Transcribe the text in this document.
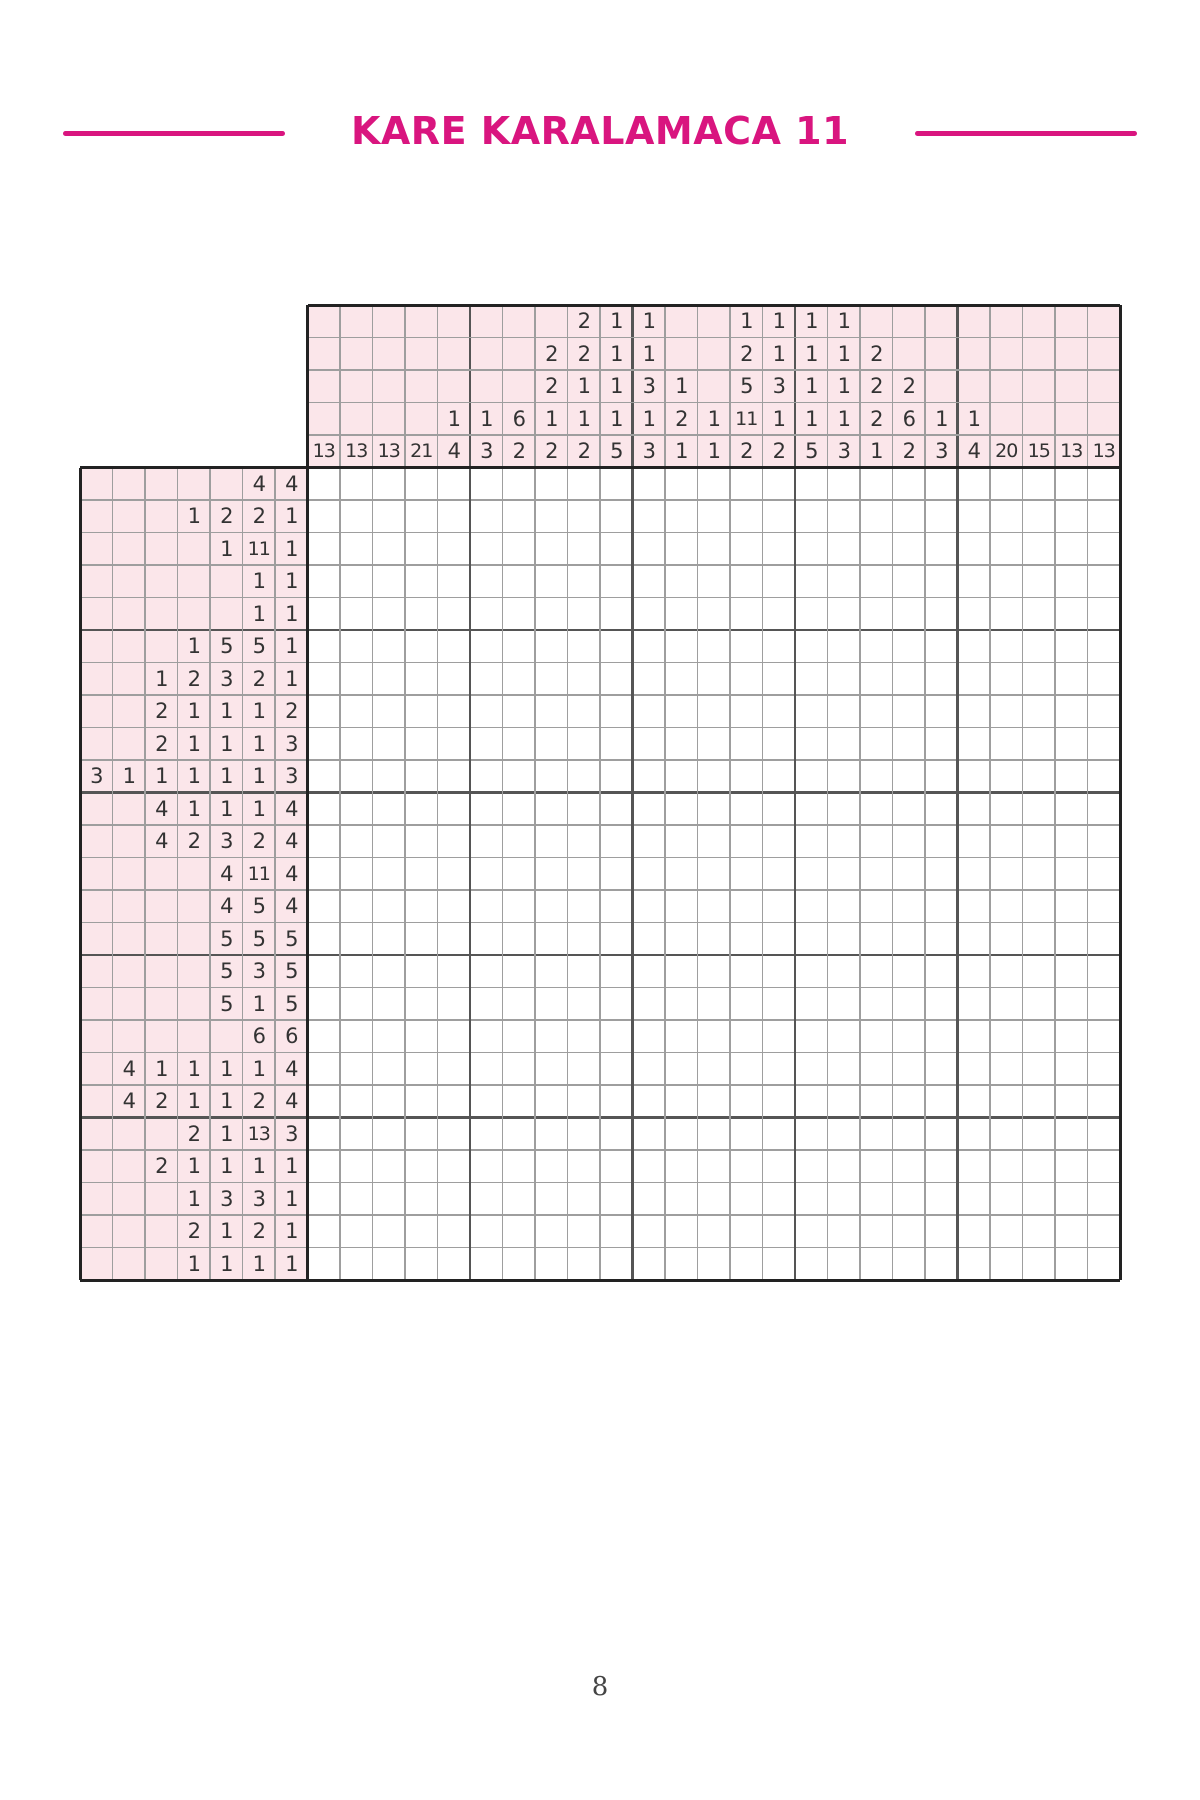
KARE KARALAMACA 11
13 13 13 21
1
4
1
3
6
2
2
2
1
2
2
2
1
1
2
1
1
1
1
5
1
1
3
1
3
1
2
1
1
1
1
2
5
11
2
1
1
3
1
2
1
1
1
1
5
1
1
1
1
3
2
2
2
1
2
6
2
1
3
1
4 20 15 13 13
4 4
1 2 2 1
1 11 1
1 1
1 1
1 5 5 1
1 2 3 2 1
2 1 1 1 2
2 1 1 1 3
3 1 1 1 1 1 3
4 1 1 1 4
4 2 3 2 4
4 11 4
4 5 4
5 5 5
5 3 5
5 1 5
6 6
4 1 1 1 1 4
4 2 1 1 2 4
2 1 13 3
2 1 1 1 1
1 3 3 1
2 1 2 1
1 1 1 1
8
